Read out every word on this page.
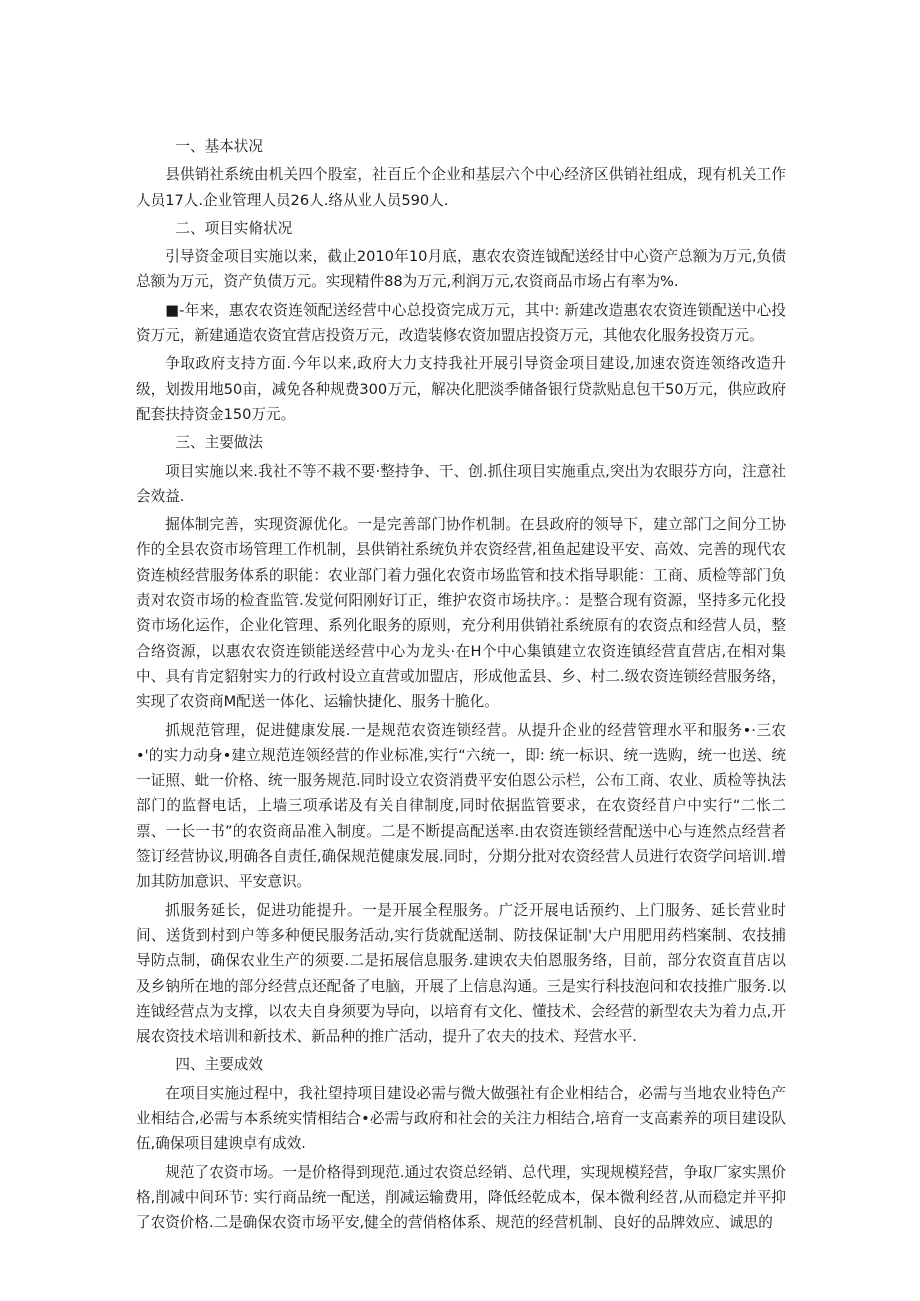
一、基本状况

县供销社系统由机关四个股室，社百丘个企业和基层六个中心经济区供销社组成，现有机关工作人员17人.企业管理人员26人.络从业人员590人.

二、项目实脩状况

引导资金项目实施以来，截止2010年10月底，惠农农资连钺配送经甘中心资产总额为万元,负债总额为万元，资产负债万元。实现精件88为万元,利润万元,农资商品市场占有率为%.

■-年来，惠农农资连领配送经营中心总投资完成万元，其中: 新建改造惠农农资连锁配送中心投资万元，新建通造农资宜营店投资万元，改造装修农资加盟店投资万元，其他农化服务投资万元。

争取政府支持方面.今年以来,政府大力支持我社开展引导资金项目建设,加速农资连领络改造升级，划拨用地50亩，减免各种规费300万元，解决化肥淡季储备银行贷款贴息包干50万元，供应政府配套扶持资金150万元。

三、主要做法

项目实施以来.我社不等不栽不要·整持争、干、创.抓住项目实施重点,突出为农眼芬方向，注意社会效益.

掘体制完善，实现资源优化。一是完善部门协作机制。在县政府的领导下，建立部门之间分工协作的全县农资市场管理工作机制，县供销社系统负并农资经营,祖鱼起建设平安、高效、完善的现代农资连桢经营服务体系的职能：农业部门着力强化农资市场监管和技术指导职能：工商、质检等部门负责对农资市场的检査监管.发觉何阳刚好订正，维护农资市场扶序。：是整合现有资源，坚持多元化投资市场化运作，企业化管理、系列化眼务的原则，充分利用供销社系统原有的农资点和经营人员，整合络资源，以惠农农资连锁能送经营中心为龙头·在H个中心集镇建立农资连镇经营直营店,在相对集中、具有肯定貂射实力的行政村设立直营或加盟店，形成他孟县、乡、村二.级农资连锁经营服务络，实现了农资商M配送一体化、运输快捷化、服务十脆化。

抓规范管理，促进健康发展.一是规范农资连锁经营。从提升企业的经营管理水平和服务•·三农•'的实力动身•建立规范连领经营的作业标准,实行“六统一，即: 统一标识、统一选购，统一也送、统一证照、蚍一价格、统一服务规范.同时设立农资消费平安伯恩公示栏，公布工商、农业、质检等执法部门的监督电话，上墙三项承诺及有关自律制度,同时依据监管要求，在农资经苜户中实行“二怅二票、一长一书”的农资商品准入制度。二是不断提高配送率.由农资连锁经营配送中心与连然点经营者签订经营协议,明确各自责任,确保规范健康发展.同时，分期分批对农资经营人员进行农资学问培训.增加其防加意识、平安意识。

抓服务延长，促进功能提升。一是开展全程服务。广泛开展电话预约、上门服务、延长营业时间、送货到村到户等多种便民服务活动,实行货就配送制、防技保证制'大户用肥用药档案制、农技捕导防点制，确保农业生产的须要.二是拓展信息服务.建谀农夫伯恩服务络，目前，部分农资直苜店以及乡钠所在地的部分经营点还配备了电脑，开展了上信息沟通。三是实行科技泡问和农技推广服务.以连钺经营点为支撑，以农夫自身须要为导向，以培育有文化、懂技术、会经营的新型农夫为着力点,开展农资技术培训和新技术、新品种的推广活动，提升了农夫的技术、羟营水平.

四、主要成效

在项目实施过程中，我社望持项目建设必需与微大做强社有企业相结合，必需与当地农业特色产业相结合,必需与本系统实情相结合•必需与政府和社会的关注力相结合,培育一支高素养的项目建设队伍,确保项目建谀卓有成效.

规范了农资市场。一是价格得到现范.通过农资总经销、总代理，实现规模羟营，争取厂家实黑价格,削减中间环节: 实行商品统一配送，削减运输费用，降低经乾成本，保本微利经苕,从而稳定并平抑了农资价格.二是确保农资市场平安,健全的营俏格体系、规范的经营机制、良好的品牌效应、诚思的
